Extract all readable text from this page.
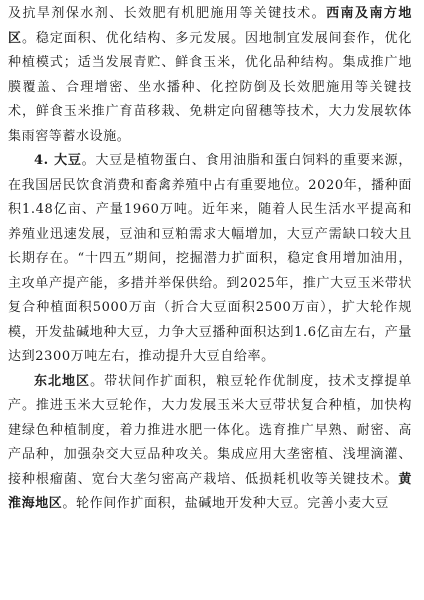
及抗旱剂保水剂、长效肥有机肥施用等关键技术。西南及南方地区。稳定面积、优化结构、多元发展。因地制宜发展间套作，优化种植模式；适当发展青贮、鲜食玉米，优化品种结构。集成推广地膜覆盖、合理增密、坐水播种、化控防倒及长效肥施用等关键技术，鲜食玉米推广育苗移栽、免耕定向留穗等技术，大力发展软体集雨窖等蓄水设施。

4. 大豆。大豆是植物蛋白、食用油脂和蛋白饲料的重要来源，在我国居民饮食消费和畜禽养殖中占有重要地位。2020年，播种面积1.48亿亩、产量1960万吨。近年来，随着人民生活水平提高和养殖业迅速发展，豆油和豆粕需求大幅增加，大豆产需缺口较大且长期存在。“十四五”期间，挖掘潜力扩面积，稳定食用增加油用，主攻单产提产能，多措并举保供给。到2025年，推广大豆玉米带状复合种植面积5000万亩（折合大豆面积2500万亩），扩大轮作规模，开发盐碱地种大豆，力争大豆播种面积达到1.6亿亩左右，产量达到2300万吨左右，推动提升大豆自给率。

东北地区。带状间作扩面积，粮豆轮作优制度，技术支撑提单产。推进玉米大豆轮作，大力发展玉米大豆带状复合种植，加快构建绿色种植制度，着力推进水肥一体化。选育推广早熟、耐密、高产品种，加强杂交大豆品种攻关。集成应用大垄密植、浅埋滴灌、接种根瘤菌、宽台大垄匀密高产栽培、低损耗机收等关键技术。黄淮海地区。轮作间作扩面积，盐碱地开发种大豆。完善小麦大豆
